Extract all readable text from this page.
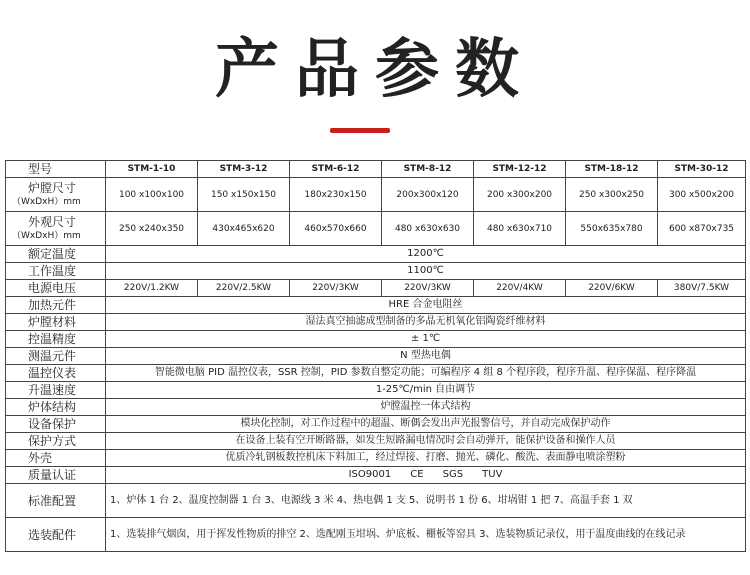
产品参数
型号	STM-1-10	STM-3-12	STM-6-12	STM-8-12	STM-12-12	STM-18-12	STM-30-12

炉膛尺寸
（WxDxH）mm	100 x100x100	150 x150x150	180x230x150	200x300x120	200 x300x200	250 x300x250	300 x500x200

外观尺寸
（WxDxH）mm	250 x240x350	430x465x620	460x570x660	480 x630x630	480 x630x710	550x635x780	600 x870x735
额定温度	1200℃						
工作温度	1100℃						
电源电压	220V/1.2KW	220V/2.5KW	220V/3KW	220V/3KW	220V/4KW	220V/6KW	380V/7.5KW
加热元件	HRE 合金电阻丝						
炉膛材料	湿法真空抽滤成型制备的多晶无机氧化铝陶瓷纤维材料						
控温精度	± 1℃						
测温元件	N 型热电偶						
温控仪表	智能微电脑 PID 温控仪表，SSR 控制，PID 参数自整定功能；可编程序 4 组 8 个程序段，程序升温、程序保温、程序降温						
升温速度	1-25℃/min 自由调节						
炉体结构	炉膛温控一体式结构						
设备保护	模块化控制，对工作过程中的超温、断偶会发出声光报警信号，并自动完成保护动作						
保护方式	在设备上装有空开断路器，如发生短路漏电情况时会自动弹开，能保护设备和操作人员						
外壳	优质冷轧钢板数控机床下料加工，经过焊接、打磨、抛光、磷化、酸洗、表面静电喷涂塑粉						
质量认证	ISO9001      CE      SGS      TUV						
标准配置	1、炉体 1 台 2、温度控制器 1 台 3、电源线 3 米 4、热电偶 1 支 5、说明书 1 份 6、坩埚钳 1 把 7、高温手套 1 双						
选装配件	1、选装排气烟囱，用于挥发性物质的排空 2、选配刚玉坩埚、炉底板、棚板等窑具 3、选装物质记录仪，用于温度曲线的在线记录						
